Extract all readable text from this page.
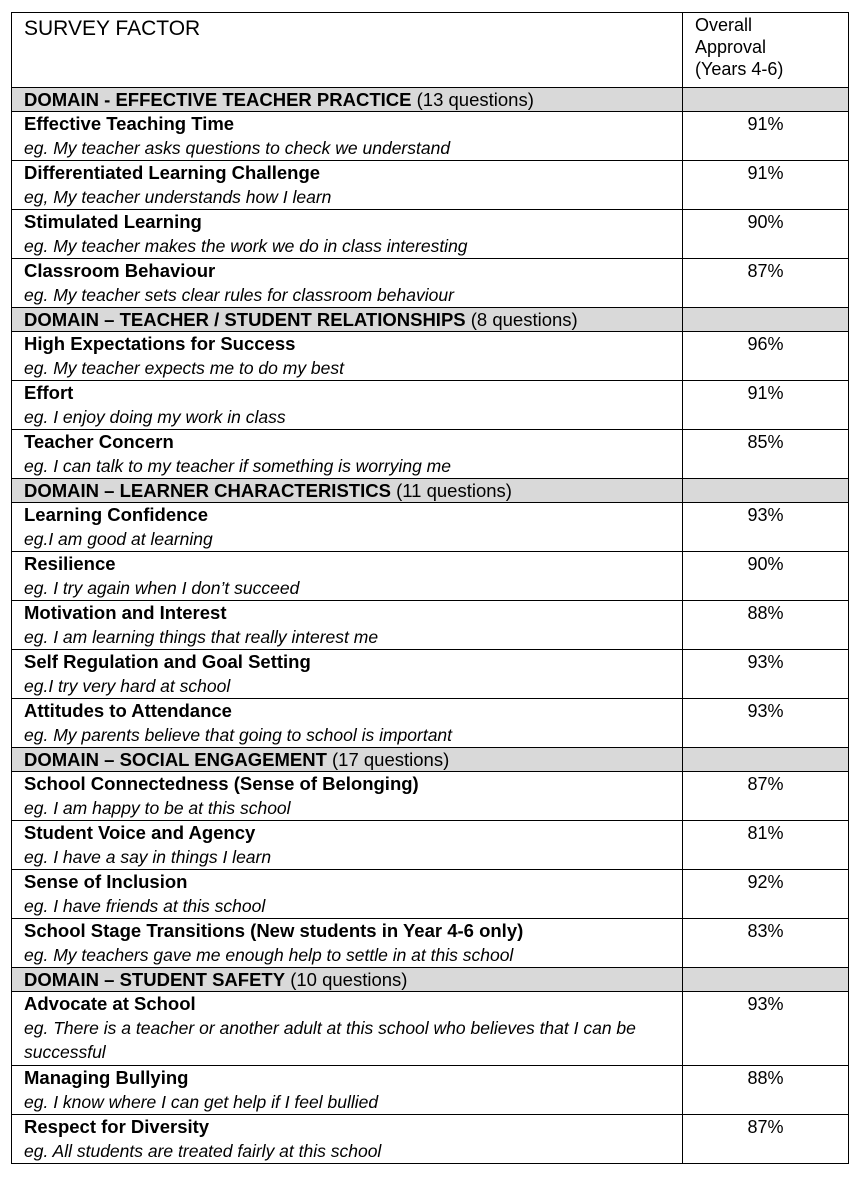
SURVEY FACTOR	Overall
Approval
(Years 4-6)

DOMAIN - EFFECTIVE TEACHER PRACTICE (13 questions)	

Effective Teaching Time
eg. My teacher asks questions to check we understand	91%

Differentiated Learning Challenge
eg, My teacher understands how I learn	91%

Stimulated Learning
eg. My teacher makes the work we do in class interesting	90%

Classroom Behaviour
eg. My teacher sets clear rules for classroom behaviour	87%
DOMAIN – TEACHER / STUDENT RELATIONSHIPS (8 questions)	

High Expectations for Success
eg. My teacher expects me to do my best	96%

Effort
eg. I enjoy doing my work in class	91%

Teacher Concern
eg. I can talk to my teacher if something is worrying me	85%
DOMAIN – LEARNER CHARACTERISTICS (11 questions)	

Learning Confidence
eg.I am good at learning	93%

Resilience
eg. I try again when I don’t succeed	90%

Motivation and Interest
eg. I am learning things that really interest me	88%

Self Regulation and Goal Setting
eg.I try very hard at school	93%

Attitudes to Attendance
eg. My parents believe that going to school is important	93%
DOMAIN – SOCIAL ENGAGEMENT (17 questions)	

School Connectedness (Sense of Belonging)
eg. I am happy to be at this school	87%

Student Voice and Agency
eg. I have a say in things I learn	81%

Sense of Inclusion
eg. I have friends at this school	92%

School Stage Transitions (New students in Year 4-6 only)
eg. My teachers gave me enough help to settle in at this school	83%
DOMAIN – STUDENT SAFETY (10 questions)	

Advocate at School
eg. There is a teacher or another adult at this school who believes that I can be successful	93%

Managing Bullying
eg. I know where I can get help if I feel bullied	88%

Respect for Diversity
eg. All students are treated fairly at this school	87%
